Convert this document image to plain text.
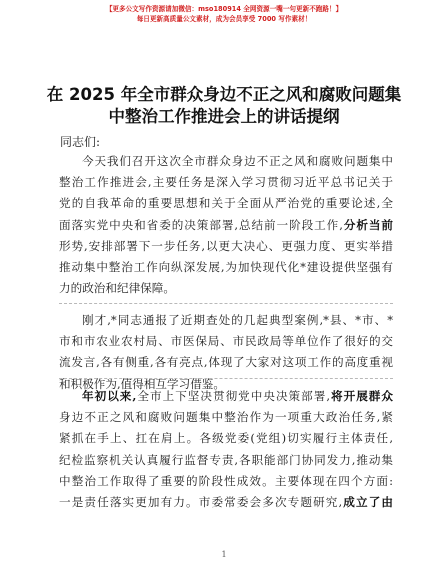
【更多公文写作资源请加微信：mso180914 全网资源一嘴一句更新不跑路！】
每日更新高质量公文素材，成为会员享受 7000 写作素材！
在 2025 年全市群众身边不正之风和腐败问题集
中整治工作推进会上的讲话提纲
同志们:
今天我们召开这次全市群众身边不正之风和腐败问题集中
整治工作推进会,主要任务是深入学习贯彻习近平总书记关于
党的自我革命的重要思想和关于全面从严治党的重要论述,全
面落实党中央和省委的决策部署,总结前一阶段工作,分析当前
形势,安排部署下一步任务,以更大决心、更强力度、更实举措
推动集中整治工作向纵深发展,为加快现代化*建设提供坚强有
力的政治和纪律保障。
刚才,*同志通报了近期查处的几起典型案例,*县、*市、*
市和市农业农村局、市医保局、市民政局等单位作了很好的交
流发言,各有侧重,各有亮点,体现了大家对这项工作的高度重视
和积极作为,值得相互学习借鉴。
年初以来,全市上下坚决贯彻党中央决策部署,将开展群众
身边不正之风和腐败问题集中整治作为一项重大政治任务,紧
紧抓在手上、扛在肩上。各级党委(党组)切实履行主体责任,
纪检监察机关认真履行监督专责,各职能部门协同发力,推动集
中整治工作取得了重要的阶段性成效。主要体现在四个方面:
一是责任落实更加有力。市委常委会多次专题研究,成立了由
1
